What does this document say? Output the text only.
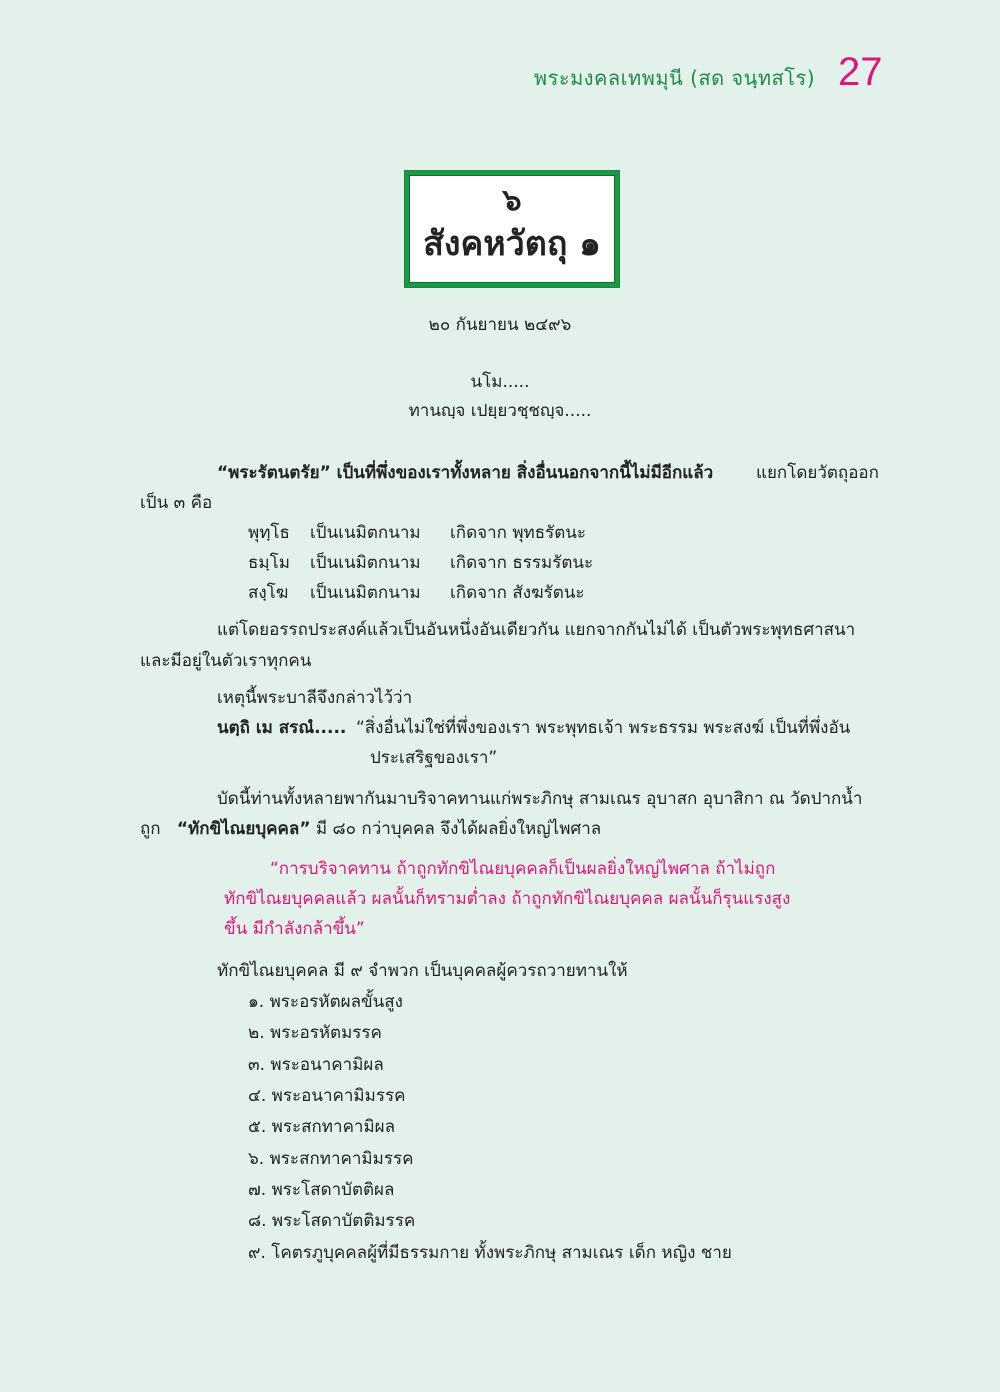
พระมงคลเทพมุนี (สด จนฺทสโร) 27
๖
สังคหวัตถุ ๑
๒๐ กันยายน ๒๔๙๖
นโม.....
ทานญฺจ เปยฺยวชฺชญฺจ.....
“พระรัตนตรัย” เป็นที่พึ่งของเราทั้งหลาย สิ่งอื่นนอกจากนี้ไม่มีอีกแล้ว	แยกโดยวัตถุออก
เป็น ๓ คือ
พุทฺโธ เป็นเนมิตกนาม เกิดจาก พุทธรัตนะ
ธมฺโม เป็นเนมิตกนาม เกิดจาก ธรรมรัตนะ
สงฺโฆ เป็นเนมิตกนาม เกิดจาก สังฆรัตนะ
แต่โดยอรรถประสงค์แล้วเป็นอันหนึ่งอันเดียวกัน แยกจากกันไม่ได้ เป็นตัวพระพุทธศาสนา
และมีอยู่ในตัวเราทุกคน
เหตุนี้พระบาลีจึงกล่าวไว้ว่า
นตฺถิ เม สรณํ..... “สิ่งอื่นไม่ใช่ที่พึ่งของเรา พระพุทธเจ้า พระธรรม พระสงฆ์ เป็นที่พึ่งอัน
ประเสริฐของเรา”
บัดนี้ท่านทั้งหลายพากันมาบริจาคทานแก่พระภิกษุ สามเณร อุบาสก อุบาสิกา ณ วัดปากน้ำ
ถูก “ทักขิไณยบุคคล” มี ๘๐ กว่าบุคคล จึงได้ผลยิ่งใหญ่ไพศาล
“การบริจาคทาน ถ้าถูกทักขิไณยบุคคลก็เป็นผลยิ่งใหญ่ไพศาล ถ้าไม่ถูก
ทักขิไณยบุคคลแล้ว ผลนั้นก็ทรามต่ำลง ถ้าถูกทักขิไณยบุคคล ผลนั้นก็รุนแรงสูง
ขึ้น มีกำลังกล้าขึ้น”
ทักขิไณยบุคคล มี ๙ จำพวก เป็นบุคคลผู้ควรถวายทานให้
๑. พระอรหัตผลขั้นสูง
๒. พระอรหัตมรรค
๓. พระอนาคามิผล
๔. พระอนาคามิมรรค
๕. พระสกทาคามิผล
๖. พระสกทาคามิมรรค
๗. พระโสดาบัตติผล
๘. พระโสดาบัตติมรรค
๙. โคตรภูบุคคลผู้ที่มีธรรมกาย ทั้งพระภิกษุ สามเณร เด็ก หญิง ชาย
